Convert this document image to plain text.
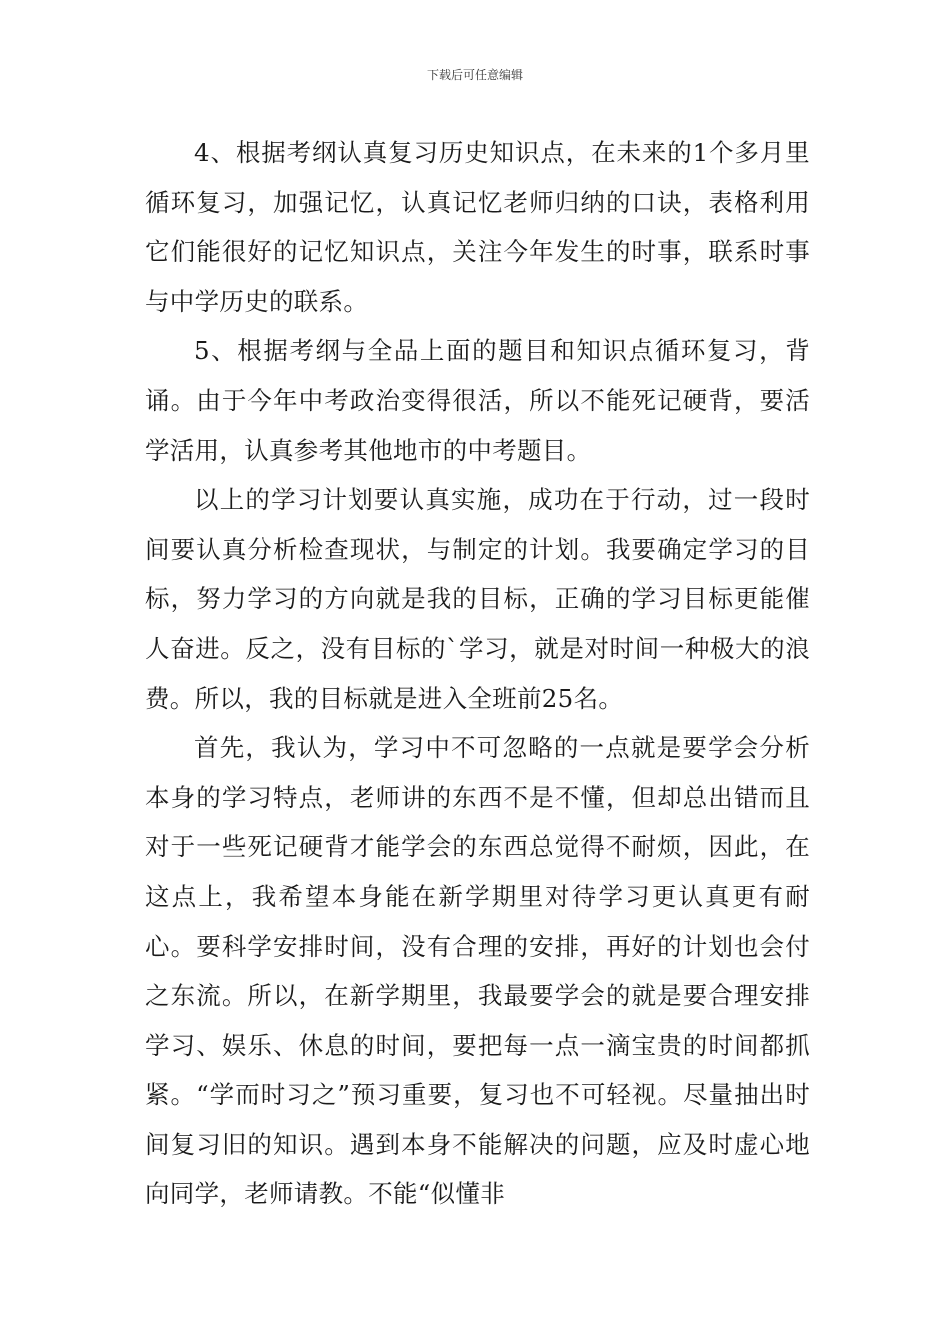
下载后可任意编辑

4、根据考纲认真复习历史知识点，在未来的1个多月里循环复习，加强记忆，认真记忆老师归纳的口诀，表格利用它们能很好的记忆知识点，关注今年发生的时事，联系时事与中学历史的联系。

5、根据考纲与全品上面的题目和知识点循环复习，背诵。由于今年中考政治变得很活，所以不能死记硬背，要活学活用，认真参考其他地市的中考题目。

以上的学习计划要认真实施，成功在于行动，过一段时间要认真分析检查现状，与制定的计划。我要确定学习的目标，努力学习的方向就是我的目标，正确的学习目标更能催人奋进。反之，没有目标的`学习，就是对时间一种极大的浪费。所以，我的目标就是进入全班前25名。

首先，我认为，学习中不可忽略的一点就是要学会分析本身的学习特点，老师讲的东西不是不懂，但却总出错而且对于一些死记硬背才能学会的东西总觉得不耐烦，因此，在这点上，我希望本身能在新学期里对待学习更认真更有耐心。要科学安排时间，没有合理的安排，再好的计划也会付之东流。所以，在新学期里，我最要学会的就是要合理安排学习、娱乐、休息的时间，要把每一点一滴宝贵的时间都抓紧。“学而时习之”预习重要，复习也不可轻视。尽量抽出时间复习旧的知识。遇到本身不能解决的问题，应及时虚心地向同学，老师请教。不能“似懂非
